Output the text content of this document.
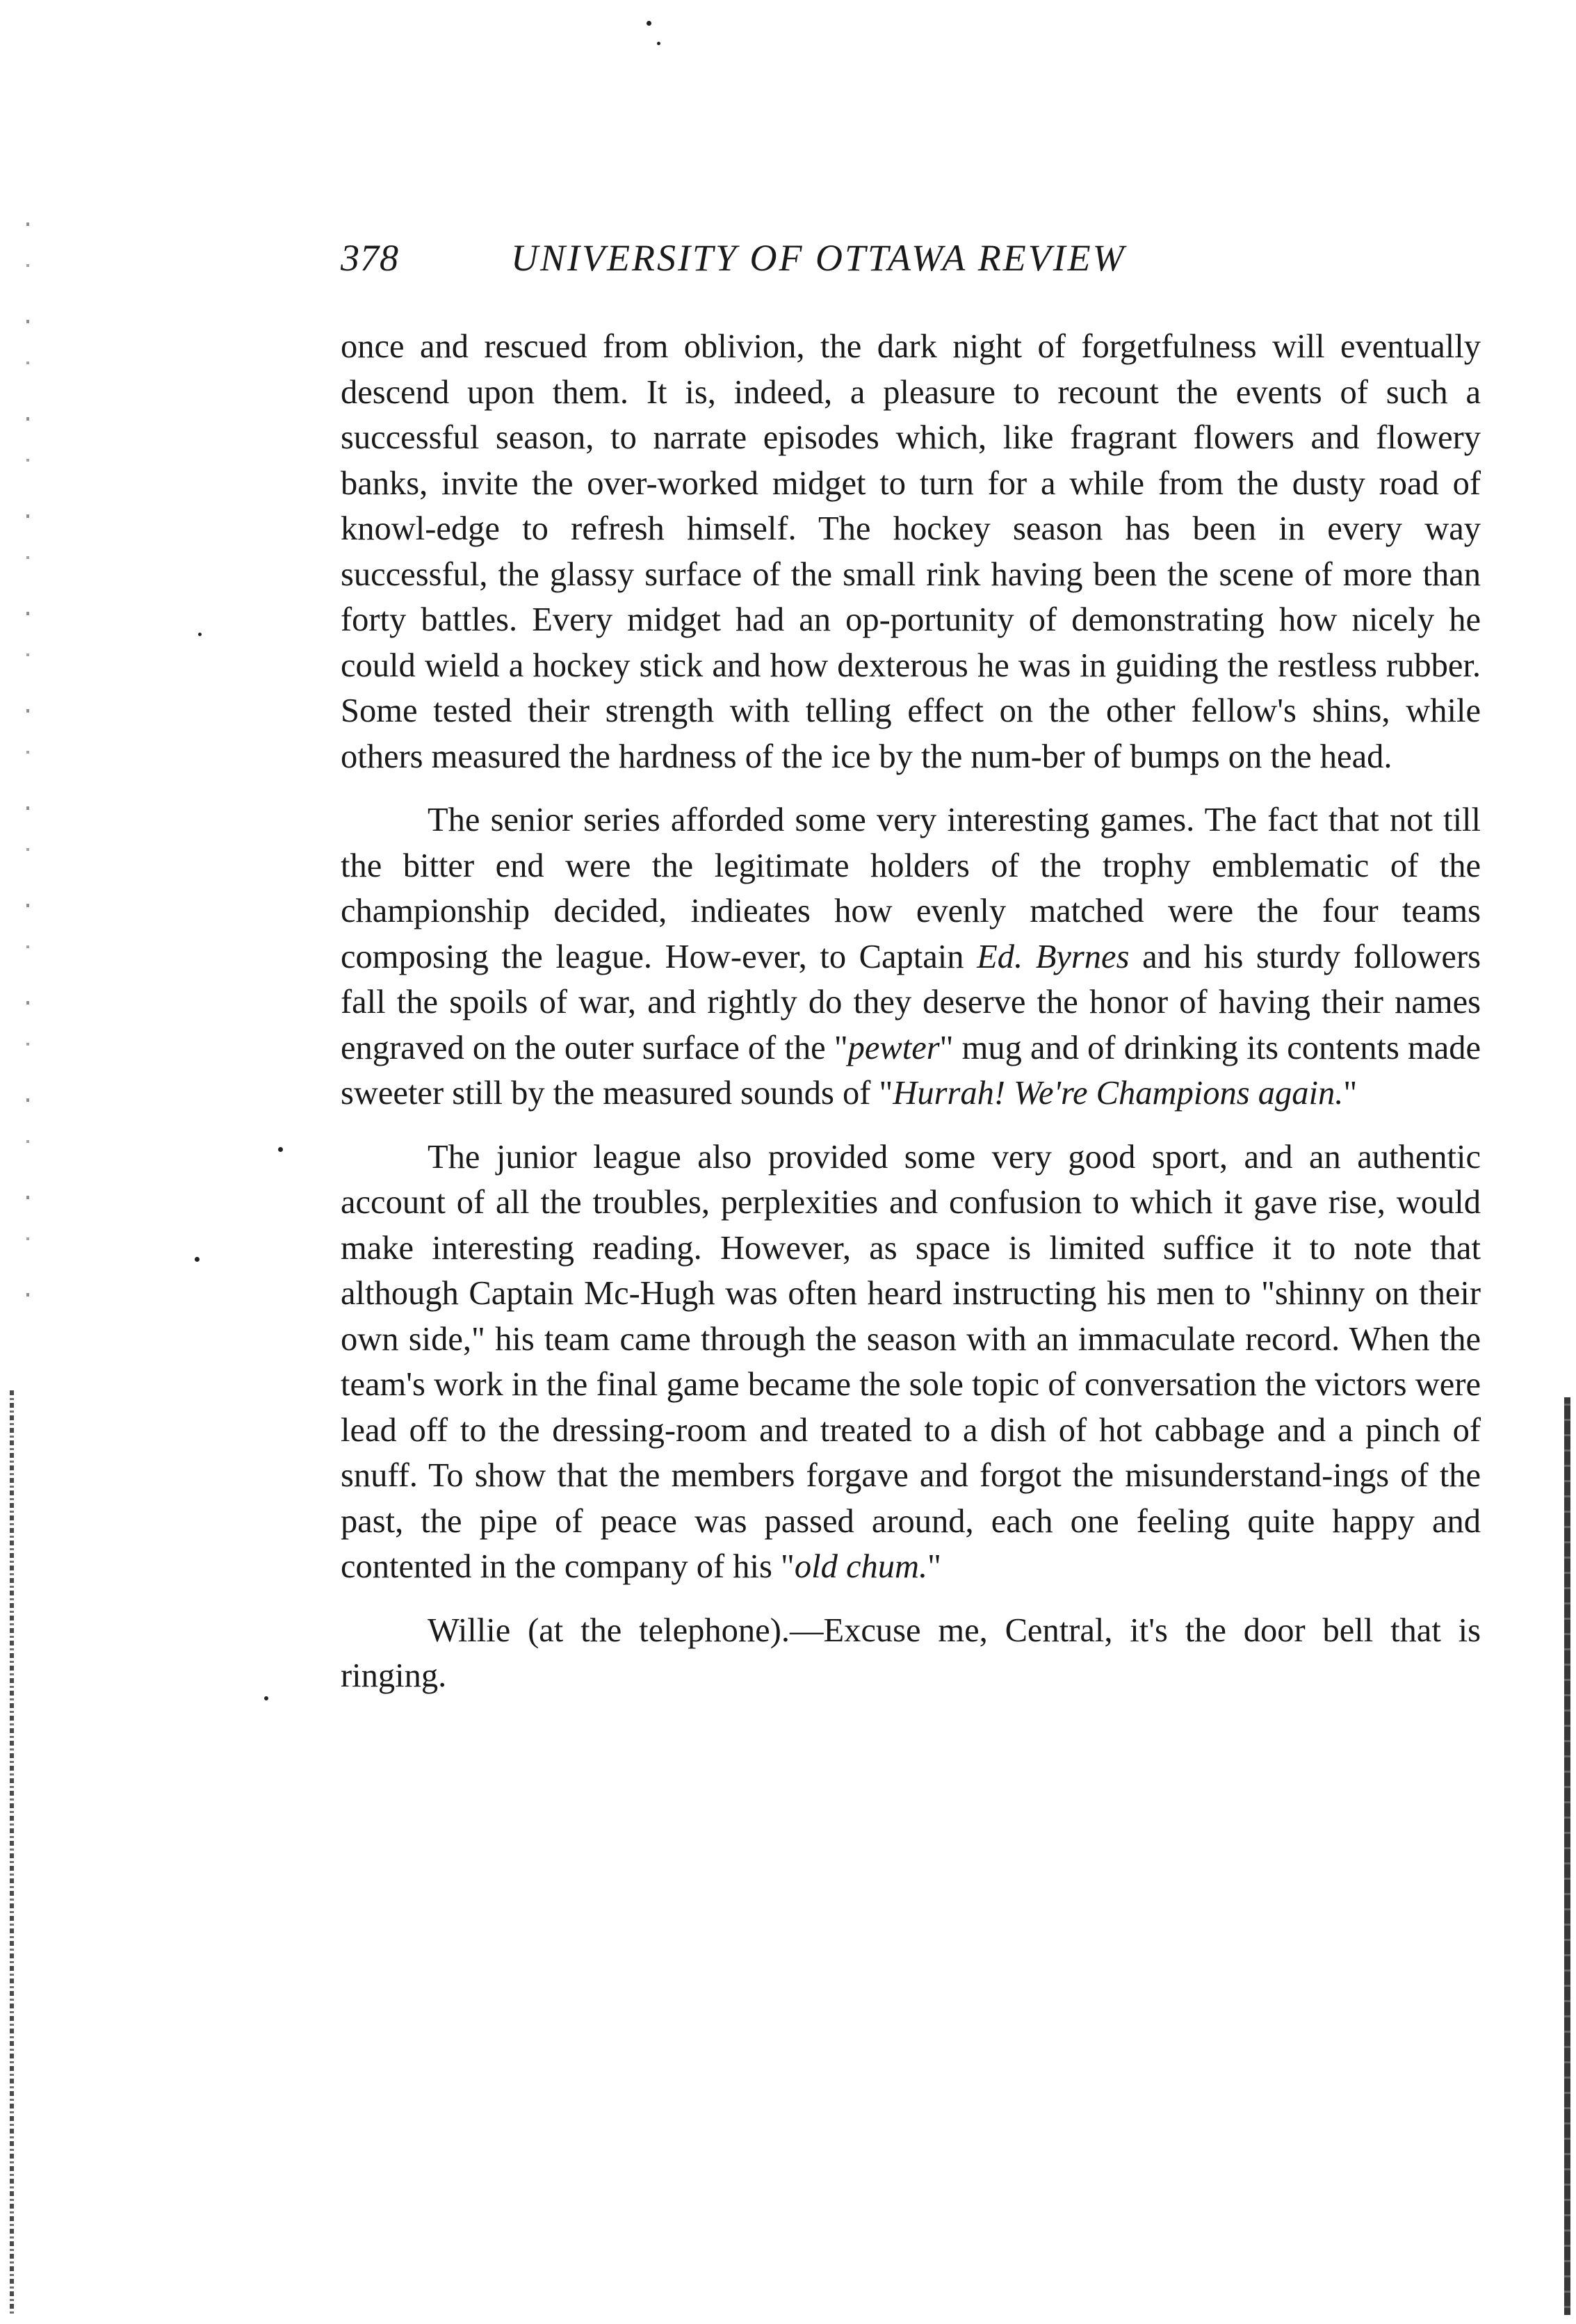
378	UNIVERSITY OF OTTAWA REVIEW

once and rescued from oblivion, the dark night of forgetfulness will eventually descend upon them. It is, indeed, a pleasure to recount the events of such a successful season, to narrate episodes which, like fragrant flowers and flowery banks, invite the over-worked midget to turn for a while from the dusty road of knowl-edge to refresh himself. The hockey season has been in every way successful, the glassy surface of the small rink having been the scene of more than forty battles. Every midget had an op-portunity of demonstrating how nicely he could wield a hockey stick and how dexterous he was in guiding the restless rubber. Some tested their strength with telling effect on the other fellow's shins, while others measured the hardness of the ice by the num-ber of bumps on the head.

The senior series afforded some very interesting games. The fact that not till the bitter end were the legitimate holders of the trophy emblematic of the championship decided, indieates how evenly matched were the four teams composing the league. How-ever, to Captain Ed. Byrnes and his sturdy followers fall the spoils of war, and rightly do they deserve the honor of having their names engraved on the outer surface of the "pewter" mug and of drinking its contents made sweeter still by the measured sounds of "Hurrah! We're Champions again."

The junior league also provided some very good sport, and an authentic account of all the troubles, perplexities and confusion to which it gave rise, would make interesting reading. However, as space is limited suffice it to note that although Captain Mc-Hugh was often heard instructing his men to "shinny on their own side," his team came through the season with an immaculate record. When the team's work in the final game became the sole topic of conversation the victors were lead off to the dressing-room and treated to a dish of hot cabbage and a pinch of snuff. To show that the members forgave and forgot the misunderstand-ings of the past, the pipe of peace was passed around, each one feeling quite happy and contented in the company of his "old chum."

Willie (at the telephone).—Excuse me, Central, it's the door bell that is ringing.
